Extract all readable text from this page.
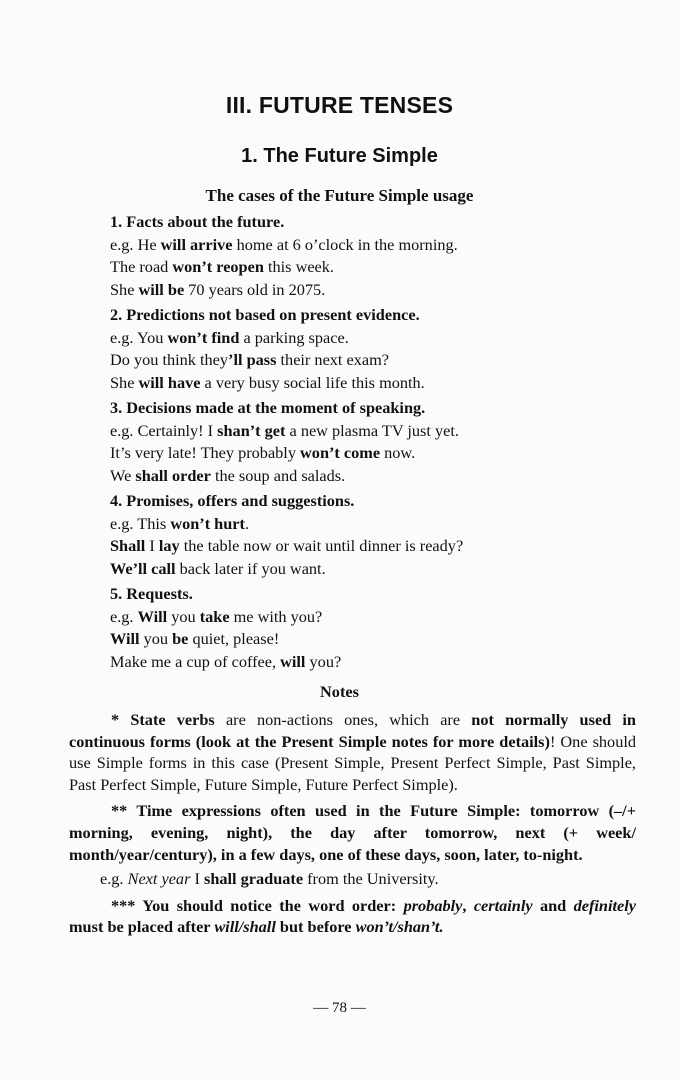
III. FUTURE TENSES
1. The Future Simple
The cases of the Future Simple usage
1. Facts about the future.
e.g. He will arrive home at 6 o’clock in the morning.
The road won’t reopen this week.
She will be 70 years old in 2075.
2. Predictions not based on present evidence.
e.g. You won’t find a parking space.
Do you think they’ll pass their next exam?
She will have a very busy social life this month.
3. Decisions made at the moment of speaking.
e.g. Certainly! I shan’t get a new plasma TV just yet.
It’s very late! They probably won’t come now.
We shall order the soup and salads.
4. Promises, offers and suggestions.
e.g. This won’t hurt.
Shall I lay the table now or wait until dinner is ready?
We’ll call back later if you want.
5. Requests.
e.g. Will you take me with you?
Will you be quiet, please!
Make me a cup of coffee, will you?
Notes

* State verbs are non-actions ones, which are not normally used in continuous forms (look at the Present Simple notes for more details)! One should use Simple forms in this case (Present Simple, Present Perfect Simple, Past Simple, Past Perfect Simple, Future Simple, Future Perfect Simple).

** Time expressions often used in the Future Simple: tomorrow (–/+ morning, evening, night), the day after tomorrow, next (+ week/ month/year/century), in a few days, one of these days, soon, later, to-night.

e.g. Next year I shall graduate from the University.

*** You should notice the word order: probably, certainly and definitely must be placed after will/shall but before won’t/shan’t.

— 78 —
